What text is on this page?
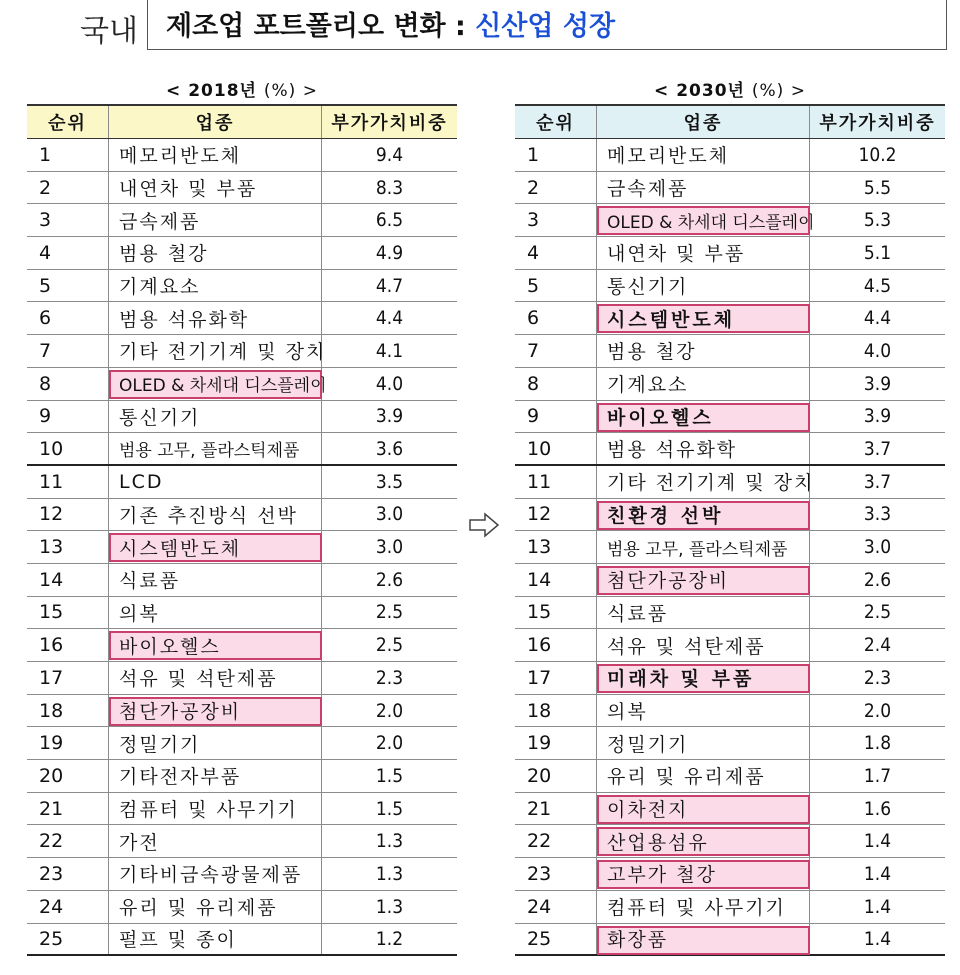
국내 제조업 포트폴리오 변화 : 신산업 성장
< 2018년 (%) >
순위	업종	부가가치비중
1	메모리반도체	9.4
2	내연차 및 부품	8.3
3	금속제품	6.5
4	범용 철강	4.9
5	기계요소	4.7
6	범용 석유화학	4.4
7	기타 전기기계 및 장치	4.1
8	OLED & 차세대 디스플레이	4.0
9	통신기기	3.9
10	범용 고무, 플라스틱제품	3.6
11	LCD	3.5
12	기존 추진방식 선박	3.0
13	시스템반도체	3.0
14	식료품	2.6
15	의복	2.5
16	바이오헬스	2.5
17	석유 및 석탄제품	2.3
18	첨단가공장비	2.0
19	정밀기기	2.0
20	기타전자부품	1.5
21	컴퓨터 및 사무기기	1.5
22	가전	1.3
23	기타비금속광물제품	1.3
24	유리 및 유리제품	1.3
25	펄프 및 종이	1.2
< 2030년 (%) >
순위	업종	부가가치비중
1	메모리반도체	10.2
2	금속제품	5.5
3	OLED & 차세대 디스플레이	5.3
4	내연차 및 부품	5.1
5	통신기기	4.5
6	시스템반도체	4.4
7	범용 철강	4.0
8	기계요소	3.9
9	바이오헬스	3.9
10	범용 석유화학	3.7
11	기타 전기기계 및 장치	3.7
12	친환경 선박	3.3
13	범용 고무, 플라스틱제품	3.0
14	첨단가공장비	2.6
15	식료품	2.5
16	석유 및 석탄제품	2.4
17	미래차 및 부품	2.3
18	의복	2.0
19	정밀기기	1.8
20	유리 및 유리제품	1.7
21	이차전지	1.6
22	산업용섬유	1.4
23	고부가 철강	1.4
24	컴퓨터 및 사무기기	1.4
25	화장품	1.4
